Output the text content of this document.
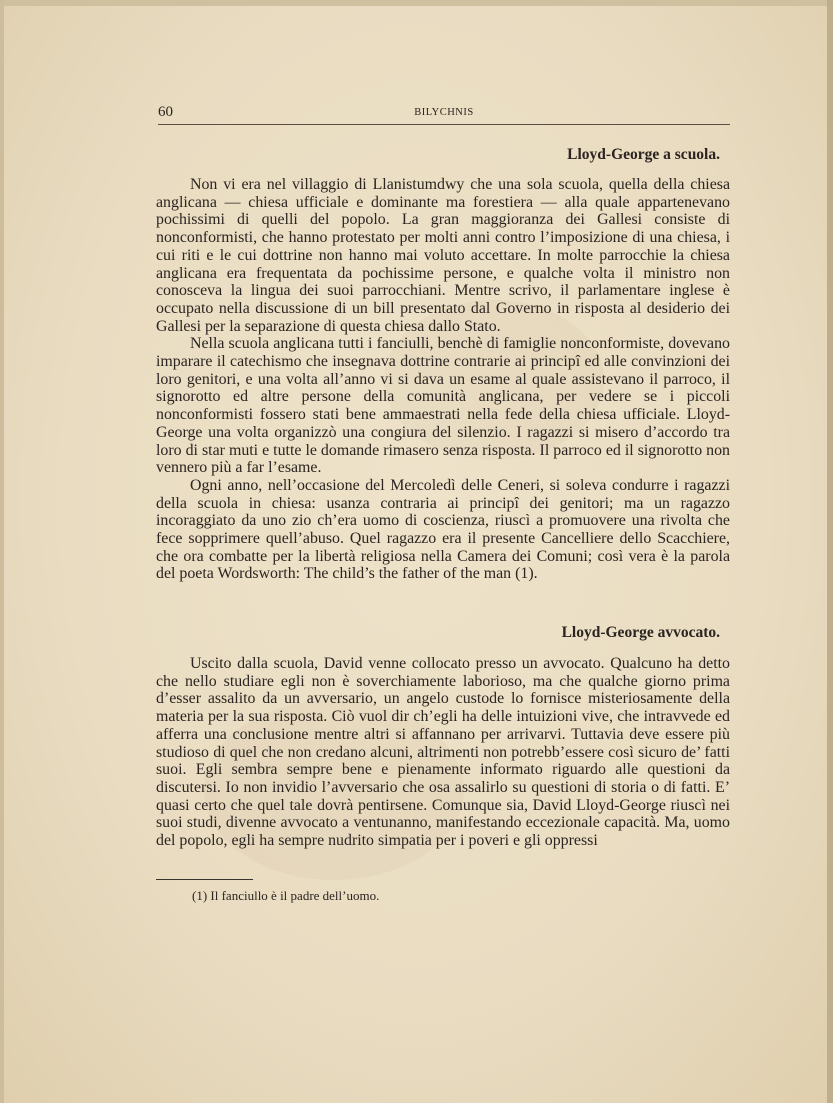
60	BILYCHNIS
Lloyd-George a scuola.

Non vi era nel villaggio di Llanistumdwy che una sola scuola, quella della chiesa anglicana — chiesa ufficiale e dominante ma forestiera — alla quale appartenevano pochissimi di quelli del popolo. La gran maggioranza dei Gallesi consiste di nonconformisti, che hanno protestato per molti anni contro l’imposizione di una chiesa, i cui riti e le cui dottrine non hanno mai voluto accettare. In molte parrocchie la chiesa anglicana era frequentata da pochissime persone, e qualche volta il ministro non conosceva la lingua dei suoi parrocchiani. Mentre scrivo, il parlamentare inglese è occupato nella discussione di un bill presentato dal Governo in risposta al desiderio dei Gallesi per la separazione di questa chiesa dallo Stato.

Nella scuola anglicana tutti i fanciulli, benchè di famiglie nonconformiste, dovevano imparare il catechismo che insegnava dottrine contrarie ai principî ed alle convinzioni dei loro genitori, e una volta all’anno vi si dava un esame al quale assistevano il parroco, il signorotto ed altre persone della comunità anglicana, per vedere se i piccoli nonconformisti fossero stati bene ammaestrati nella fede della chiesa ufficiale. Lloyd-George una volta organizzò una congiura del silenzio. I ragazzi si misero d’accordo tra loro di star muti e tutte le domande rimasero senza risposta. Il parroco ed il signorotto non vennero più a far l’esame.

Ogni anno, nell’occasione del Mercoledì delle Ceneri, si soleva condurre i ragazzi della scuola in chiesa: usanza contraria ai principî dei genitori; ma un ragazzo incoraggiato da uno zio ch’era uomo di coscienza, riuscì a promuovere una rivolta che fece sopprimere quell’abuso. Quel ragazzo era il presente Cancelliere dello Scacchiere, che ora combatte per la libertà religiosa nella Camera dei Comuni; così vera è la parola del poeta Wordsworth: The child’s the father of the man (1).

Lloyd-George avvocato.

Uscito dalla scuola, David venne collocato presso un avvocato. Qualcuno ha detto che nello studiare egli non è soverchiamente laborioso, ma che qualche giorno prima d’esser assalito da un avversario, un angelo custode lo fornisce misteriosamente della materia per la sua risposta. Ciò vuol dir ch’egli ha delle intuizioni vive, che intravvede ed afferra una conclusione mentre altri si affannano per arrivarvi. Tuttavia deve essere più studioso di quel che non credano alcuni, altrimenti non potrebb’essere così sicuro de’ fatti suoi. Egli sembra sempre bene e pienamente informato riguardo alle questioni da discutersi. Io non invidio l’avversario che osa assalirlo su questioni di storia o di fatti. E’ quasi certo che quel tale dovrà pentirsene. Comunque sia, David Lloyd-George riuscì nei suoi studi, divenne avvocato a ventunanno, manifestando eccezionale capacità. Ma, uomo del popolo, egli ha sempre nudrito simpatia per i poveri e gli oppressi

(1) Il fanciullo è il padre dell’uomo.
